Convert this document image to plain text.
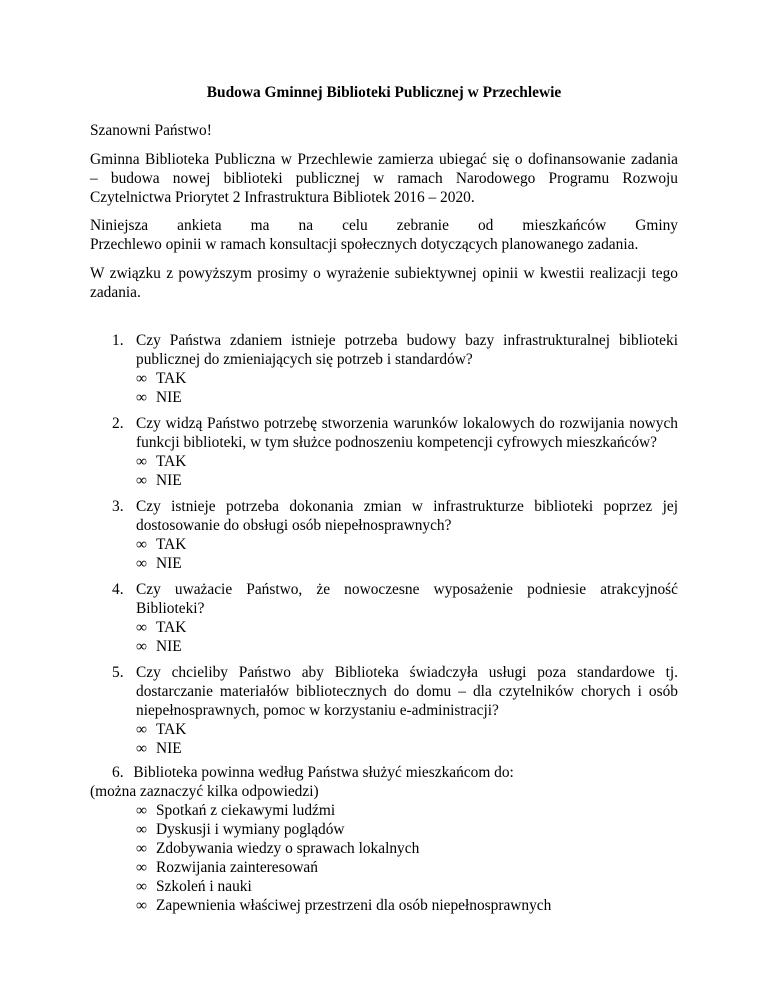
Budowa Gminnej Biblioteki Publicznej w Przechlewie
Szanowni Państwo!
Gminna Biblioteka Publiczna w Przechlewie zamierza ubiegać się o dofinansowanie zadania
– budowa nowej biblioteki publicznej w ramach Narodowego Programu Rozwoju
Czytelnictwa Priorytet 2 Infrastruktura Bibliotek 2016 – 2020.
Niniejsza ankieta ma na celu zebranie od mieszkańców Gminy
Przechlewo opinii w ramach konsultacji społecznych dotyczących planowanego zadania.
W związku z powyższym prosimy o wyrażenie subiektywnej opinii w kwestii realizacji tego
zadania.
1. Czy Państwa zdaniem istnieje potrzeba budowy bazy infrastrukturalnej biblioteki
publicznej do zmieniających się potrzeb i standardów?
∞ TAK
∞ NIE
2. Czy widzą Państwo potrzebę stworzenia warunków lokalowych do rozwijania nowych
funkcji biblioteki, w tym służce podnoszeniu kompetencji cyfrowych mieszkańców?
∞ TAK
∞ NIE
3. Czy istnieje potrzeba dokonania zmian w infrastrukturze biblioteki poprzez jej
dostosowanie do obsługi osób niepełnosprawnych?
∞ TAK
∞ NIE
4. Czy uważacie Państwo, że nowoczesne wyposażenie podniesie atrakcyjność
Biblioteki?
∞ TAK
∞ NIE
5. Czy chcieliby Państwo aby Biblioteka świadczyła usługi poza standardowe tj.
dostarczanie materiałów bibliotecznych do domu – dla czytelników chorych i osób
niepełnosprawnych, pomoc w korzystaniu e-administracji?
∞ TAK
∞ NIE
6. Biblioteka powinna według Państwa służyć mieszkańcom do:
(można zaznaczyć kilka odpowiedzi)
∞ Spotkań z ciekawymi ludźmi
∞ Dyskusji i wymiany poglądów
∞ Zdobywania wiedzy o sprawach lokalnych
∞ Rozwijania zainteresowań
∞ Szkoleń i nauki
∞ Zapewnienia właściwej przestrzeni dla osób niepełnosprawnych
